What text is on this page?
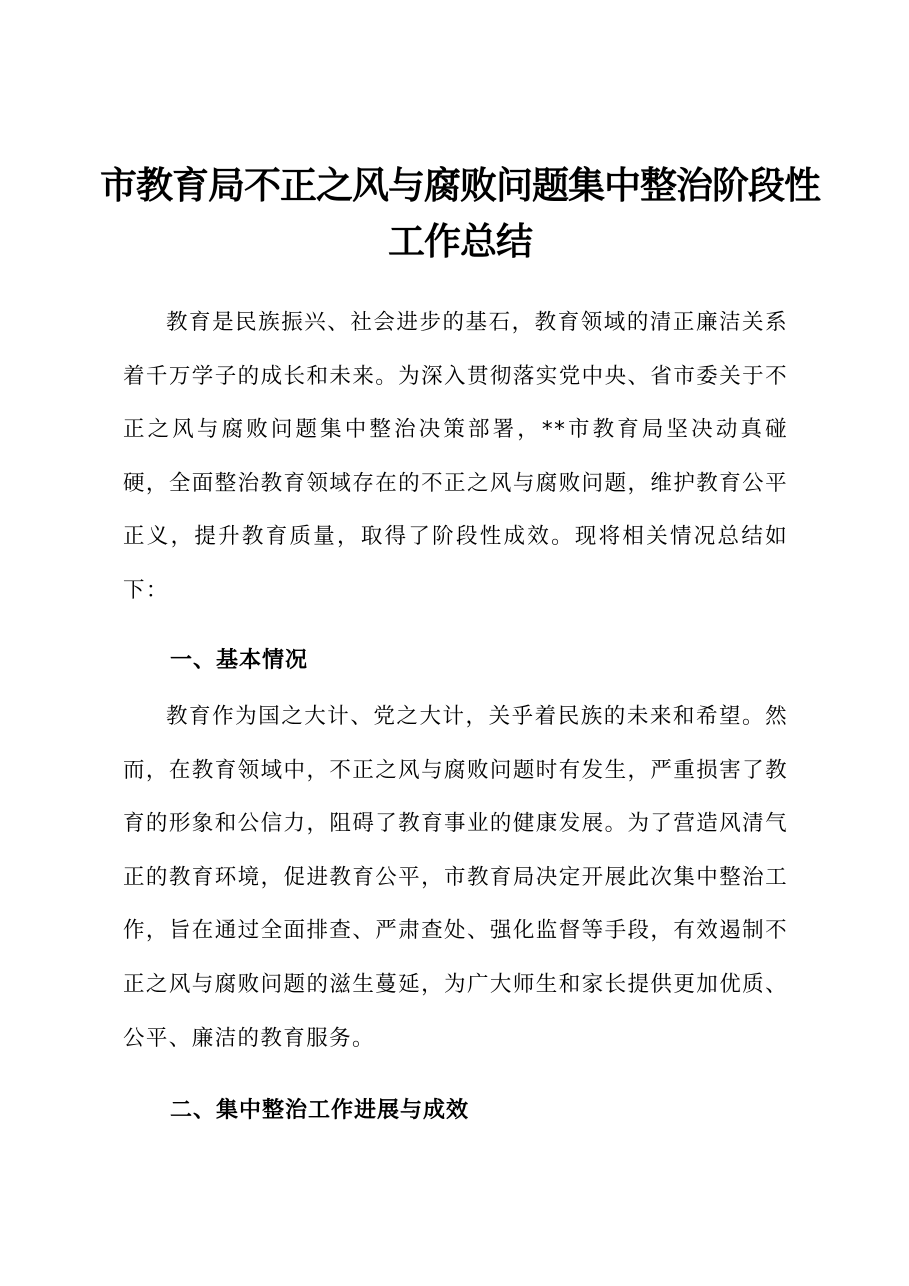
市教育局不正之风与腐败问题集中整治阶段性
工作总结

教育是民族振兴、社会进步的基石，教育领域的清正廉洁关系着千万学子的成长和未来。为深入贯彻落实党中央、省市委关于不正之风与腐败问题集中整治决策部署，**市教育局坚决动真碰硬，全面整治教育领域存在的不正之风与腐败问题，维护教育公平正义，提升教育质量，取得了阶段性成效。现将相关情况总结如下：

一、基本情况

教育作为国之大计、党之大计，关乎着民族的未来和希望。然而，在教育领域中，不正之风与腐败问题时有发生，严重损害了教育的形象和公信力，阻碍了教育事业的健康发展。为了营造风清气正的教育环境，促进教育公平，市教育局决定开展此次集中整治工作，旨在通过全面排查、严肃查处、强化监督等手段，有效遏制不正之风与腐败问题的滋生蔓延，为广大师生和家长提供更加优质、公平、廉洁的教育服务。

二、集中整治工作进展与成效
